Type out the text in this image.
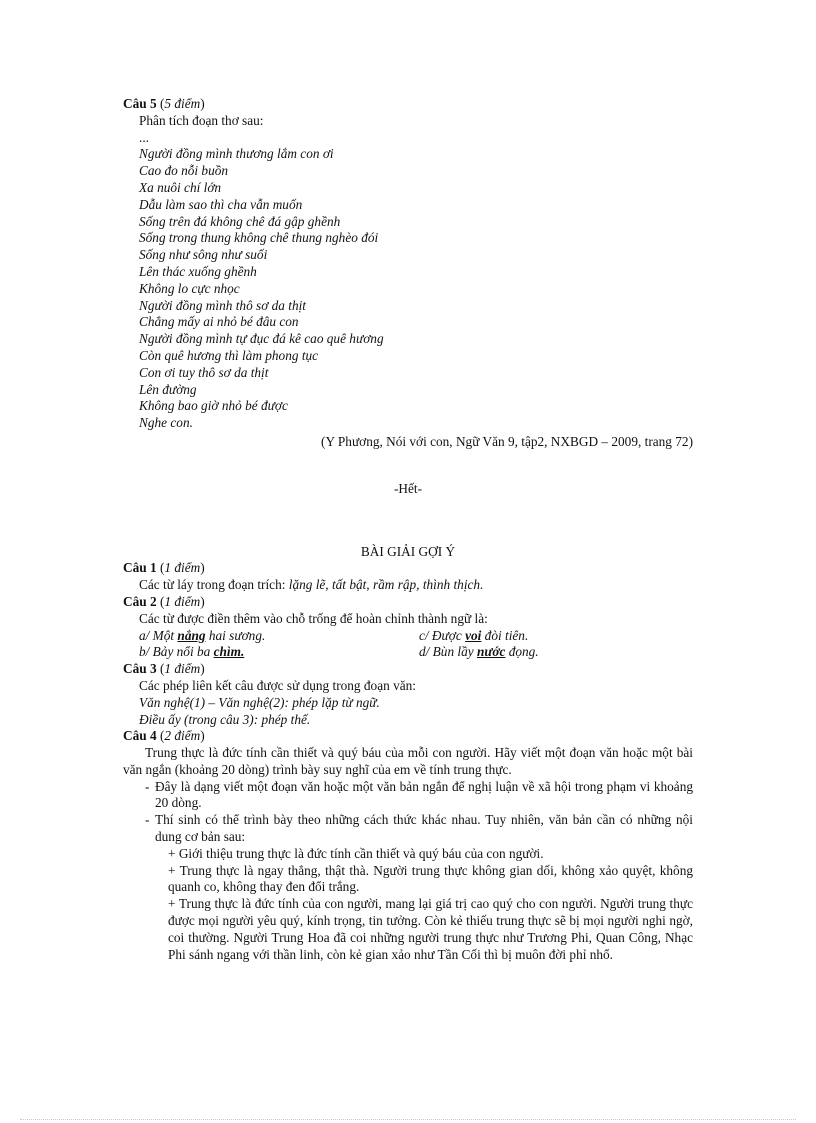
Câu 5 (5 điểm)
Phân tích đoạn thơ sau:
...
Người đồng mình thương lắm con ơi
Cao đo nỗi buồn
Xa nuôi chí lớn
Dẫu làm sao thì cha vẫn muốn
Sống trên đá không chê đá gập ghềnh
Sống trong thung không chê thung nghèo đói
Sống như sông như suối
Lên thác xuống ghềnh
Không lo cực nhọc
Người đồng mình thô sơ da thịt
Chẳng mấy ai nhỏ bé đâu con
Người đồng mình tự đục đá kê cao quê hương
Còn quê hương thì làm phong tục
Con ơi tuy thô sơ da thịt
Lên đường
Không bao giờ nhỏ bé được
Nghe con.
(Y Phương, Nói với con, Ngữ Văn 9, tập2, NXBGD – 2009, trang 72)
-Hết-
BÀI GIẢI GỢI Ý
Câu 1 (1 điểm)
Các từ láy trong đoạn trích: lặng lẽ, tất bật, rầm rập, thình thịch.
Câu 2 (1 điểm)
Các từ được điền thêm vào chỗ trống để hoàn chỉnh thành ngữ là:
a/ Một nắng hai sương.	c/ Được voi đòi tiên.
b/ Bảy nổi ba chìm.	d/ Bùn lầy nước đọng.
Câu 3 (1 điểm)
Các phép liên kết câu được sử dụng trong đoạn văn:
Văn nghệ(1) – Văn nghệ(2): phép lặp từ ngữ.
Điều ấy (trong câu 3): phép thế.
Câu 4 (2 điểm)
Trung thực là đức tính cần thiết và quý báu của mỗi con người. Hãy viết một đoạn văn hoặc một bài văn ngắn (khoảng 20 dòng) trình bày suy nghĩ của em về tính trung thực.
- Đây là dạng viết một đoạn văn hoặc một văn bản ngắn để nghị luận về xã hội trong phạm vi khoảng 20 dòng.
- Thí sinh có thể trình bày theo những cách thức khác nhau. Tuy nhiên, văn bản cần có những nội dung cơ bản sau:
+ Giới thiệu trung thực là đức tính cần thiết và quý báu của con người.
+ Trung thực là ngay thẳng, thật thà. Người trung thực không gian dối, không xảo quyệt, không quanh co, không thay đen đổi trắng.
+ Trung thực là đức tính của con người, mang lại giá trị cao quý cho con người. Người trung thực được mọi người yêu quý, kính trọng, tin tưởng. Còn kẻ thiếu trung thực sẽ bị mọi người nghi ngờ, coi thường. Người Trung Hoa đã coi những người trung thực như Trương Phi, Quan Công, Nhạc Phi sánh ngang với thần linh, còn kẻ gian xảo như Tần Cối thì bị muôn đời phỉ nhổ.
